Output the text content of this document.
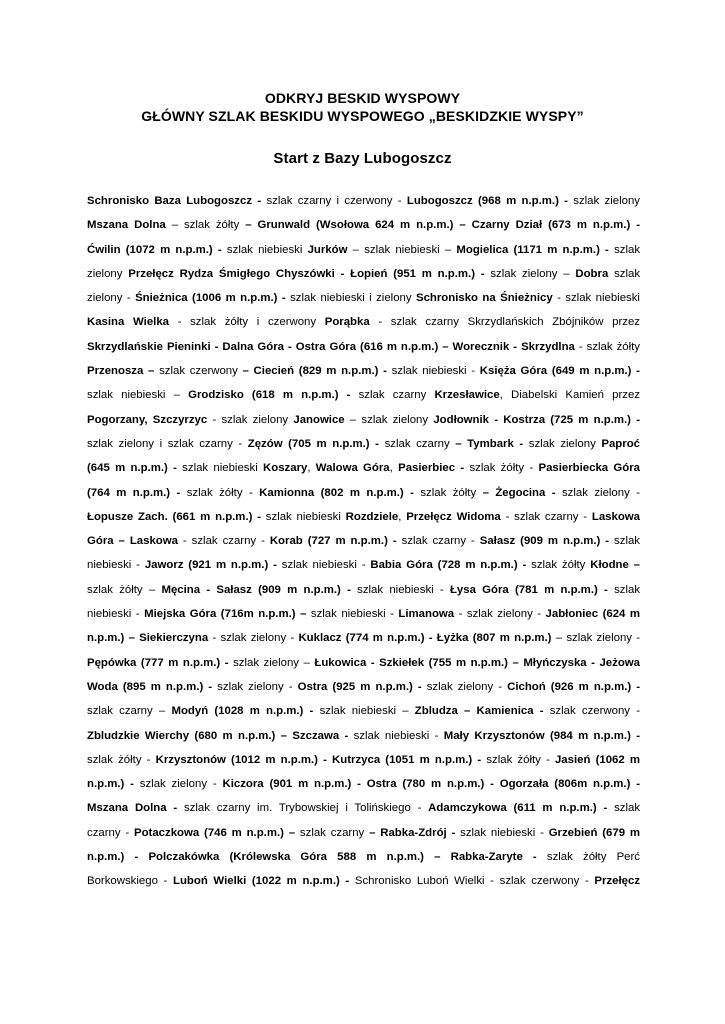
ODKRYJ BESKID WYSPOWY
GŁÓWNY SZLAK BESKIDU WYSPOWEGO „BESKIDZKIE WYSPY”
Start z Bazy Lubogoszcz
Schronisko Baza Lubogoszcz - szlak czarny i czerwony - Lubogoszcz (968 m n.p.m.) - szlak zielony
Mszana Dolna – szlak żółty – Grunwald (Wsołowa 624 m n.p.m.) – Czarny Dział (673 m n.p.m.) -
Ćwilin (1072 m n.p.m.) - szlak niebieski Jurków – szlak niebieski – Mogielica (1171 m n.p.m.) - szlak
zielony Przełęcz Rydza Śmigłego Chyszówki - Łopień (951 m n.p.m.) - szlak zielony – Dobra szlak
zielony - Śnieżnica (1006 m n.p.m.) - szlak niebieski i zielony Schronisko na Śnieżnicy - szlak niebieski
Kasina Wielka - szlak żółty i czerwony Porąbka - szlak czarny Skrzydlańskich Zbójników przez
Skrzydlańskie Pieninki - Dalna Góra - Ostra Góra (616 m n.p.m.) – Worecznik - Skrzydlna - szlak żółty
Przenosza – szlak czerwony – Ciecień (829 m n.p.m.) - szlak niebieski - Księża Góra (649 m n.p.m.) -
szlak niebieski – Grodzisko (618 m n.p.m.) - szlak czarny Krzesławice, Diabelski Kamień przez
Pogorzany, Szczyrzyc - szlak zielony Janowice – szlak zielony Jodłownik - Kostrza (725 m n.p.m.) -
szlak zielony i szlak czarny - Zęzów (705 m n.p.m.) - szlak czarny – Tymbark - szlak zielony Paproć
(645 m n.p.m.) - szlak niebieski Koszary, Walowa Góra, Pasierbiec - szlak żółty - Pasierbiecka Góra
(764 m n.p.m.) - szlak żółty - Kamionna (802 m n.p.m.) - szlak żółty – Żegocina - szlak zielony -
Łopusze Zach. (661 m n.p.m.) - szlak niebieski Rozdziele, Przełęcz Widoma - szlak czarny - Laskowa
Góra – Laskowa - szlak czarny - Korab (727 m n.p.m.) - szlak czarny - Sałasz (909 m n.p.m.) - szlak
niebieski - Jaworz (921 m n.p.m.) - szlak niebieski - Babia Góra (728 m n.p.m.) - szlak żółty Kłodne –
szlak żółty – Męcina - Sałasz (909 m n.p.m.) - szlak niebieski - Łysa Góra (781 m n.p.m.) - szlak
niebieski - Miejska Góra (716m n.p.m.) – szlak niebieski - Limanowa - szlak zielony - Jabłoniec (624 m
n.p.m.) – Siekierczyna - szlak zielony - Kuklacz (774 m n.p.m.) - Łyżka (807 m n.p.m.) – szlak zielony -
Pępówka (777 m n.p.m.) - szlak zielony – Łukowica - Szkiełek (755 m n.p.m.) – Młyńczyska - Jeżowa
Woda (895 m n.p.m.) - szlak zielony - Ostra (925 m n.p.m.) - szlak zielony - Cichoń (926 m n.p.m.) -
szlak czarny – Modyń (1028 m n.p.m.) - szlak niebieski – Zbludza – Kamienica - szlak czerwony -
Zbludzkie Wierchy (680 m n.p.m.) – Szczawa - szlak niebieski - Mały Krzysztonów (984 m n.p.m.) -
szlak żółty - Krzysztonów (1012 m n.p.m.) - Kutrzyca (1051 m n.p.m.) - szlak żółty - Jasień (1062 m
n.p.m.) - szlak zielony - Kiczora (901 m n.p.m.) - Ostra (780 m n.p.m.) - Ogorzała (806m n.p.m.) -
Mszana Dolna - szlak czarny im. Trybowskiej i Tolińskiego - Adamczykowa (611 m n.p.m.) - szlak
czarny - Potaczkowa (746 m n.p.m.) – szlak czarny – Rabka-Zdrój - szlak niebieski - Grzebień (679 m
n.p.m.) - Polczakówka (Królewska Góra 588 m n.p.m.) – Rabka-Zaryte - szlak żółty Perć
Borkowskiego - Luboń Wielki (1022 m n.p.m.) - Schronisko Luboń Wielki - szlak czerwony - Przełęcz
